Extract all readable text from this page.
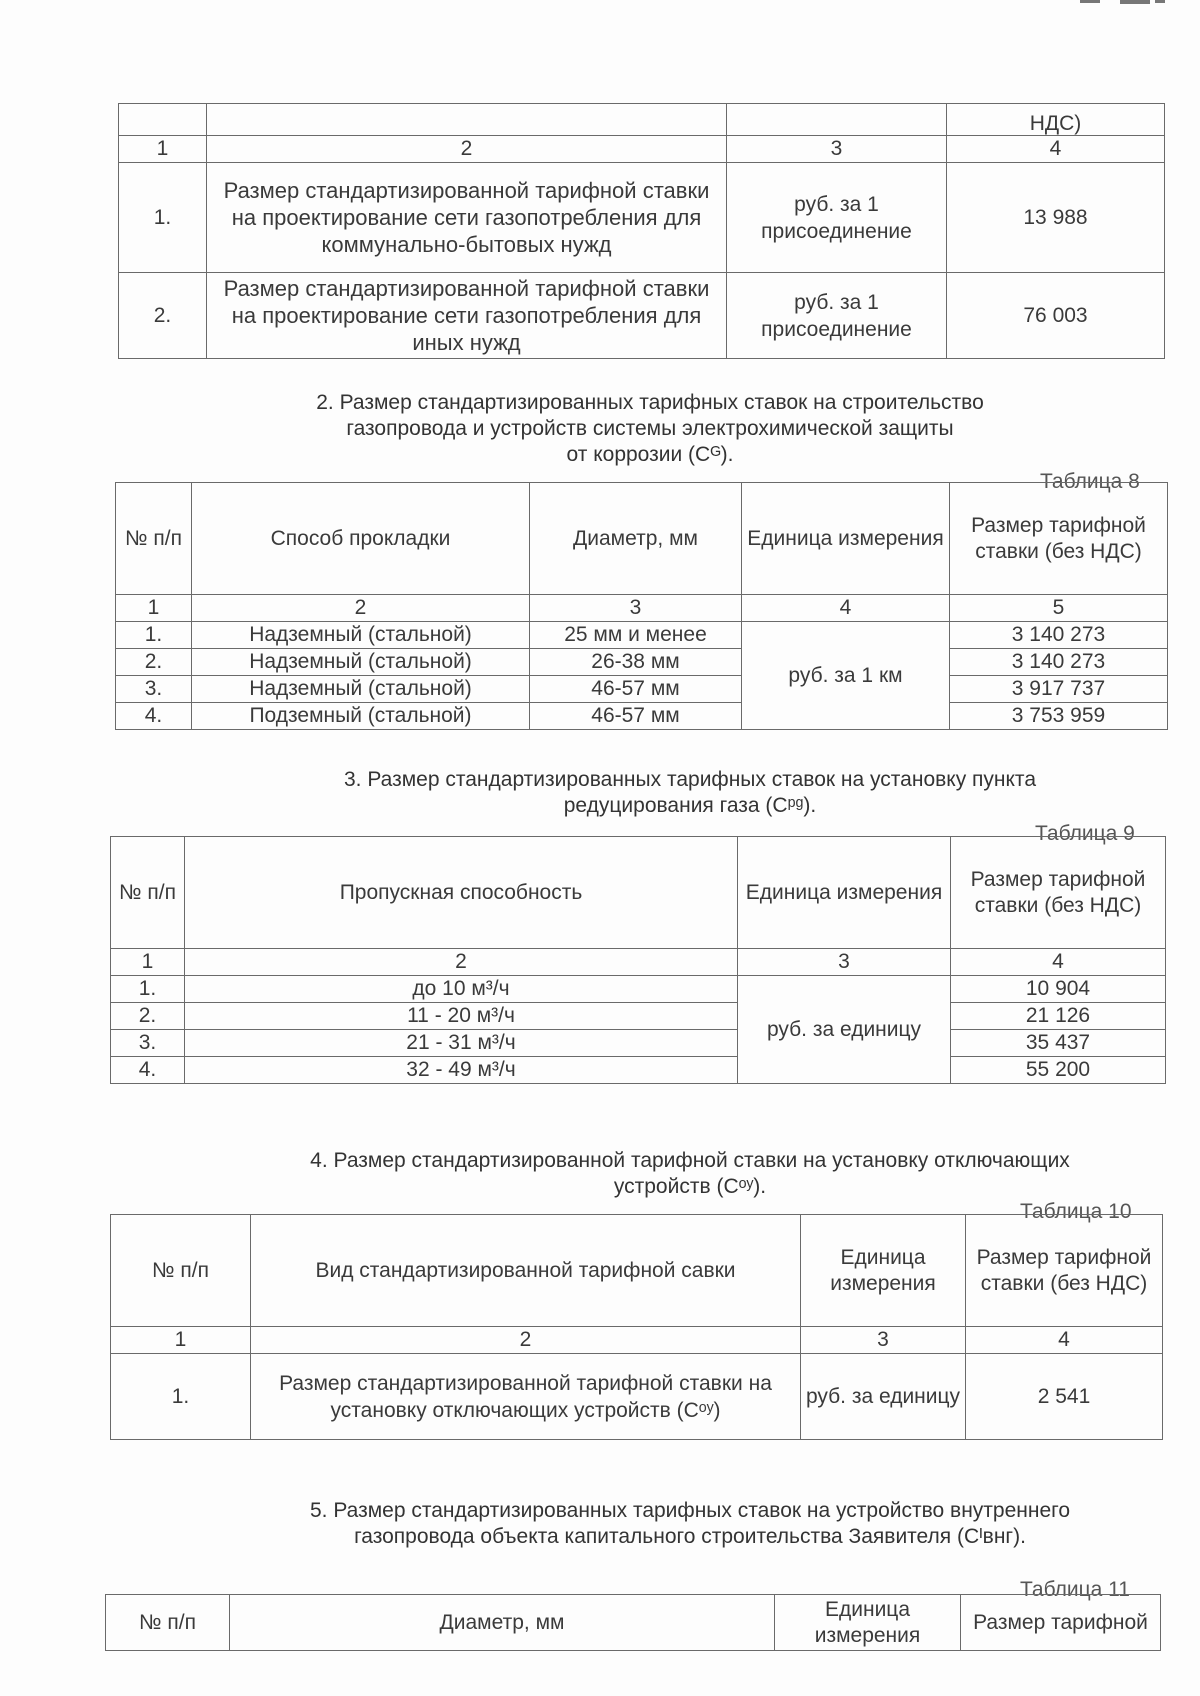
			НДС)
1	2	3	4
1.	Размер стандартизированной тарифной ставки на проектирование сети газопотребления для коммунально-бытовых нужд	руб. за 1 присоединение	13 988
2.	Размер стандартизированной тарифной ставки на проектирование сети газопотребления для иных нужд	руб. за 1 присоединение	76 003
2. Размер стандартизированных тарифных ставок на строительство
газопровода и устройств системы электрохимической защиты
от коррозии (Cᴳ).
Таблица 8
№ п/п	Способ прокладки	Диаметр, мм	Единица измерения	Размер тарифной ставки (без НДС)
1	2	3	4	5
1.	Надземный (стальной)	25 мм и менее	руб. за 1 км	3 140 273
2.	Надземный (стальной)	26-38 мм		3 140 273
3.	Надземный (стальной)	46-57 мм		3 917 737
4.	Подземный (стальной)	46-57 мм		3 753 959
3. Размер стандартизированных тарифных ставок на установку пункта
редуцирования газа (Cᵖᵍ).
Таблица 9
№ п/п	Пропускная способность	Единица измерения	Размер тарифной ставки (без НДС)
1	2	3	4
1.	до 10 м³/ч	руб. за единицу	10 904
2.	11 - 20 м³/ч		21 126
3.	21 - 31 м³/ч		35 437
4.	32 - 49 м³/ч		55 200
4. Размер стандартизированной тарифной ставки на установку отключающих
устройств (Cᵒʸ).
Таблица 10
№ п/п	Вид стандартизированной тарифной савки	Единица измерения	Размер тарифной ставки (без НДС)
1	2	3	4
1.	Размер стандартизированной тарифной ставки на установку отключающих устройств (Cᵒʸ)	руб. за единицу	2 541
5. Размер стандартизированных тарифных ставок на устройство внутреннего
газопровода объекта капитального строительства Заявителя (Cᴵвнг).
Таблица 11
№ п/п	Диаметр, мм	Единица измерения	Размер тарифной
